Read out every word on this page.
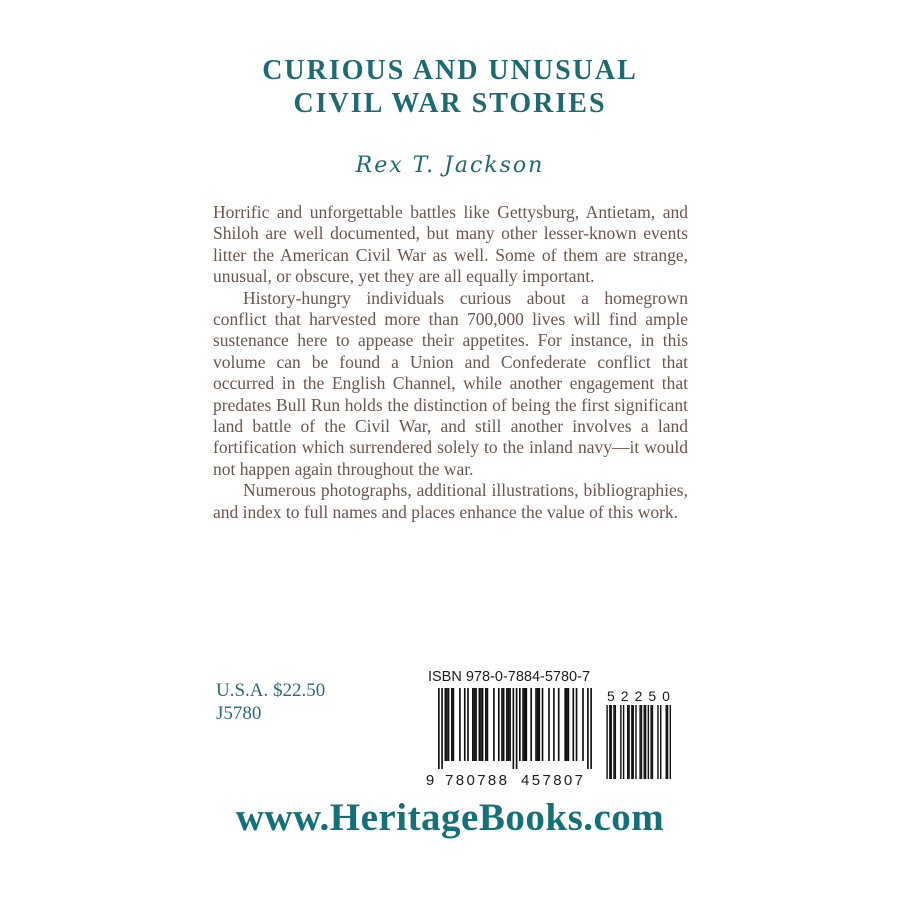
CURIOUS AND UNUSUAL
CIVIL WAR STORIES
Rex T. Jackson

Horrific and unforgettable battles like Gettysburg, Antietam, and Shiloh are well documented, but many other lesser-known events litter the American Civil War as well. Some of them are strange, unusual, or obscure, yet they are all equally important.

History-hungry individuals curious about a homegrown conflict that harvested more than 700,000 lives will find ample sustenance here to appease their appetites. For instance, in this volume can be found a Union and Confederate conflict that occurred in the English Channel, while another engagement that predates Bull Run holds the distinction of being the first significant land battle of the Civil War, and still another involves a land fortification which surrendered solely to the inland navy—it would not happen again throughout the war.

Numerous photographs, additional illustrations, bibliographies, and index to full names and places enhance the value of this work.

U.S.A. $22.50
J5780
ISBN 978-0-7884-5780-7
9 780788 457807
52250
www.HeritageBooks.com
